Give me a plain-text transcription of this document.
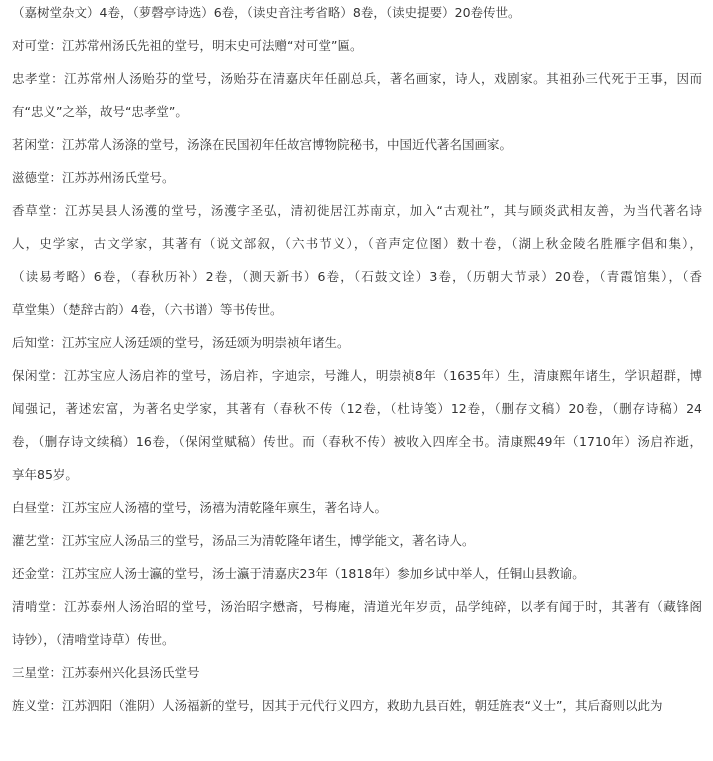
（嘉树堂杂文）4卷，（萝磬亭诗选）6卷，（读史音注考省略）8卷，（读史提要）20卷传世。
对可堂：江苏常州汤氏先祖的堂号，明末史可法赠“对可堂”匾。
忠孝堂：江苏常州人汤贻芬的堂号，汤贻芬在清嘉庆年任副总兵，著名画家，诗人，戏剧家。其祖孙三代死于王事，因而
有“忠义”之举，故号“忠孝堂”。
茗闲堂：江苏常人汤涤的堂号，汤涤在民国初年任故宫博物院秘书，中国近代著名国画家。
滋德堂：江苏苏州汤氏堂号。
香草堂：江苏吴县人汤濩的堂号，汤濩字圣弘，清初徙居江苏南京，加入“古观社”，其与顾炎武相友善，为当代著名诗
人，史学家，古文学家，其著有（说文部叙，（六书节义），（音声定位图）数十卷，（湖上秋金陵名胜雁字倡和集），
（读易考略）6卷，（春秋历补）2卷，（测天新书）6卷，（石鼓文诠）3卷，（历朝大节录）20卷，（青霞馆集），（香
草堂集）（楚辞古韵）4卷，（六书谱）等书传世。
后知堂：江苏宝应人汤廷颂的堂号，汤廷颂为明崇祯年诸生。
保闲堂：江苏宝应人汤启祚的堂号，汤启祚，字迪宗，号潍人，明崇祯8年（1635年）生，清康熙年诸生，学识超群，博
闻强记，著述宏富，为著名史学家，其著有（春秋不传（12卷，（杜诗笺）12卷，（删存文稿）20卷，（删存诗稿）24
卷，（删存诗文续稿）16卷，（保闲堂赋稿）传世。而（春秋不传）被收入四库全书。清康熙49年（1710年）汤启祚逝，
享年85岁。
白昼堂：江苏宝应人汤禧的堂号，汤禧为清乾隆年禀生，著名诗人。
灌艺堂：江苏宝应人汤品三的堂号，汤品三为清乾隆年诸生，博学能文，著名诗人。
还金堂：江苏宝应人汤士瀛的堂号，汤士瀛于清嘉庆23年（1818年）参加乡试中举人，任铜山县教谕。
清啃堂：江苏泰州人汤治昭的堂号，汤治昭字懋斋，号梅庵，清道光年岁贡，品学纯碎，以孝有闻于时，其著有（藏锋阁
诗钞），（清啃堂诗草）传世。
三星堂：江苏泰州兴化县汤氏堂号
旌义堂：江苏泗阳（淮阴）人汤福新的堂号，因其于元代行义四方，救助九县百姓，朝廷旌表“义士”，其后裔则以此为
